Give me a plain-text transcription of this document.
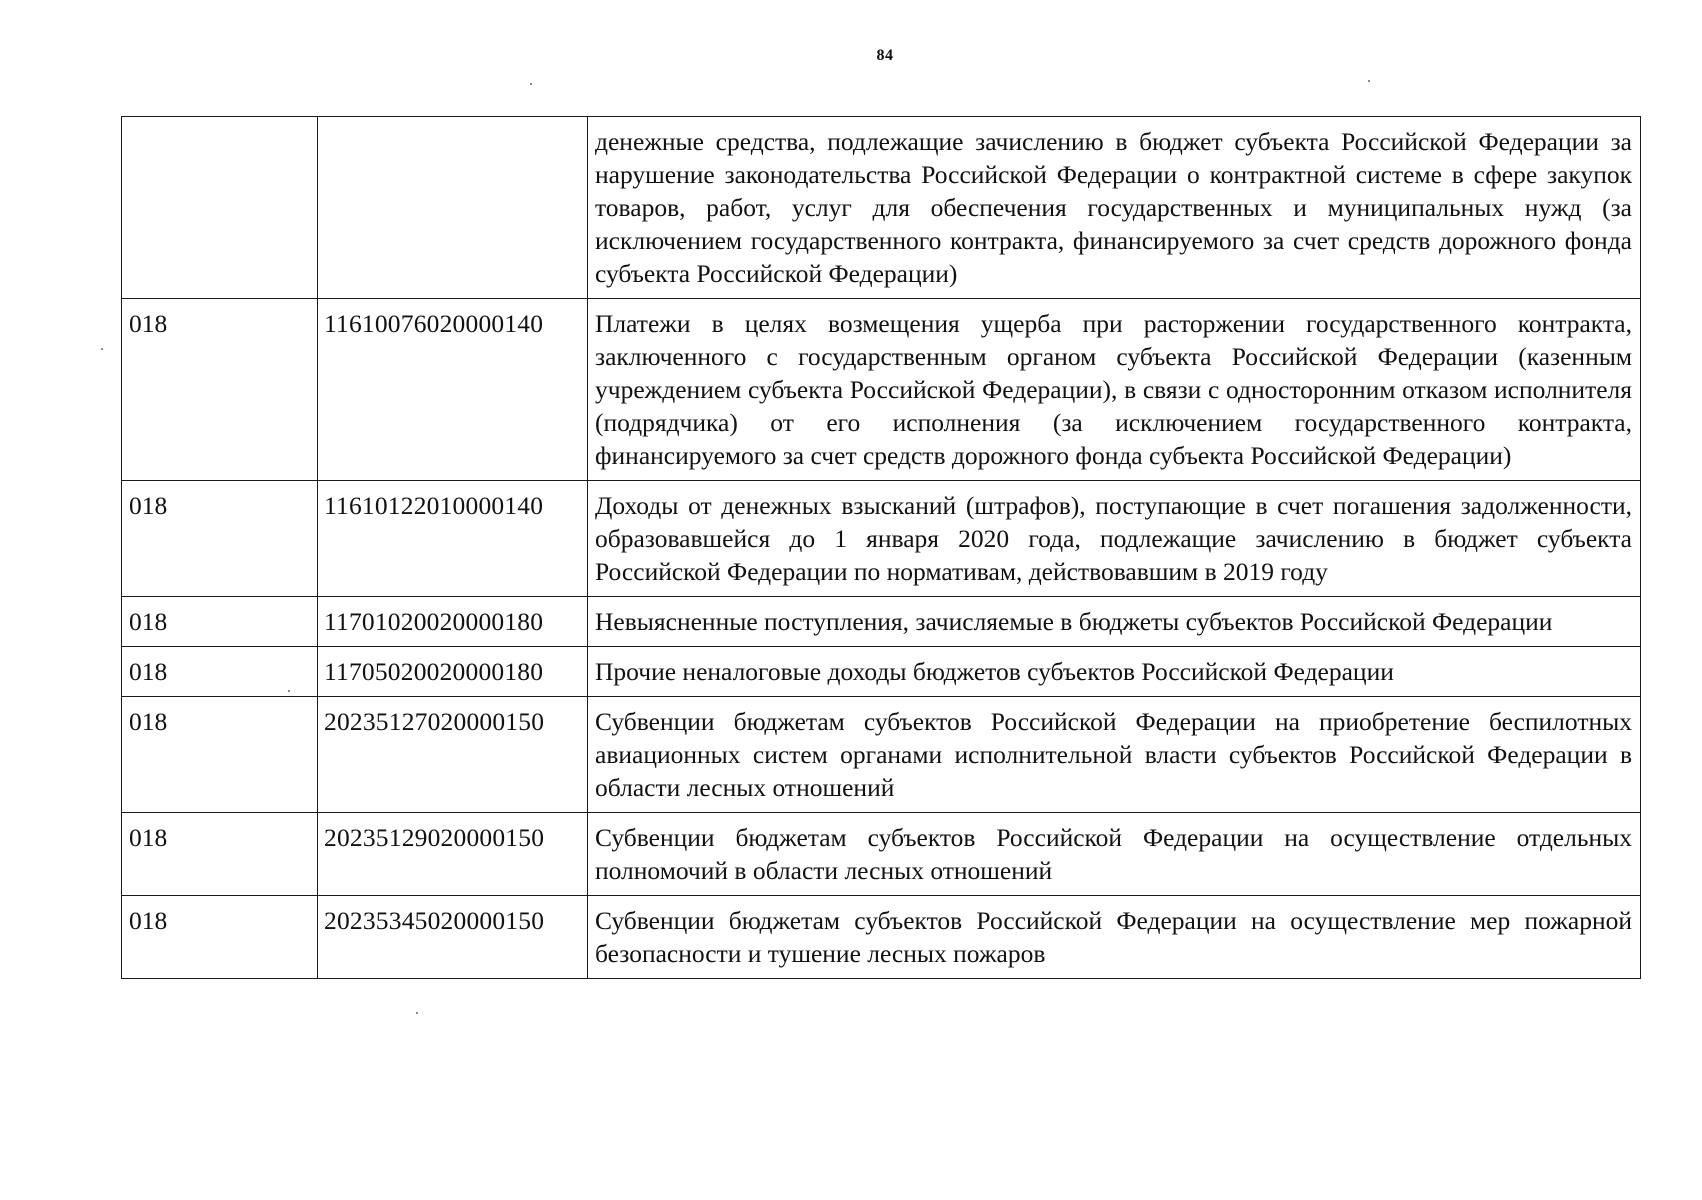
84
		денежные средства, подлежащие зачислению в бюджет субъекта Российской Федерации за нарушение законодательства Российской Федерации о контрактной системе в сфере закупок товаров, работ, услуг для обеспечения государственных и муниципальных нужд (за исключением государственного контракта, финансируемого за счет средств дорожного фонда субъекта Российской Федерации)
018	11610076020000140	Платежи в целях возмещения ущерба при расторжении государственного контракта, заключенного с государственным органом субъекта Российской Федерации (казенным учреждением субъекта Российской Федерации), в связи с односторонним отказом исполнителя (подрядчика) от его исполнения (за исключением государственного контракта, финансируемого за счет средств дорожного фонда субъекта Российской Федерации)
018	11610122010000140	Доходы от денежных взысканий (штрафов), поступающие в счет погашения задолженности, образовавшейся до 1 января 2020 года, подлежащие зачислению в бюджет субъекта Российской Федерации по нормативам, действовавшим в 2019 году
018	11701020020000180	Невыясненные поступления, зачисляемые в бюджеты субъектов Российской Федерации
018	11705020020000180	Прочие неналоговые доходы бюджетов субъектов Российской Федерации
018	20235127020000150	Субвенции бюджетам субъектов Российской Федерации на приобретение беспилотных авиационных систем органами исполнительной власти субъектов Российской Федерации в области лесных отношений
018	20235129020000150	Субвенции бюджетам субъектов Российской Федерации на осуществление отдельных полномочий в области лесных отношений
018	20235345020000150	Субвенции бюджетам субъектов Российской Федерации на осуществление мер пожарной безопасности и тушение лесных пожаров
